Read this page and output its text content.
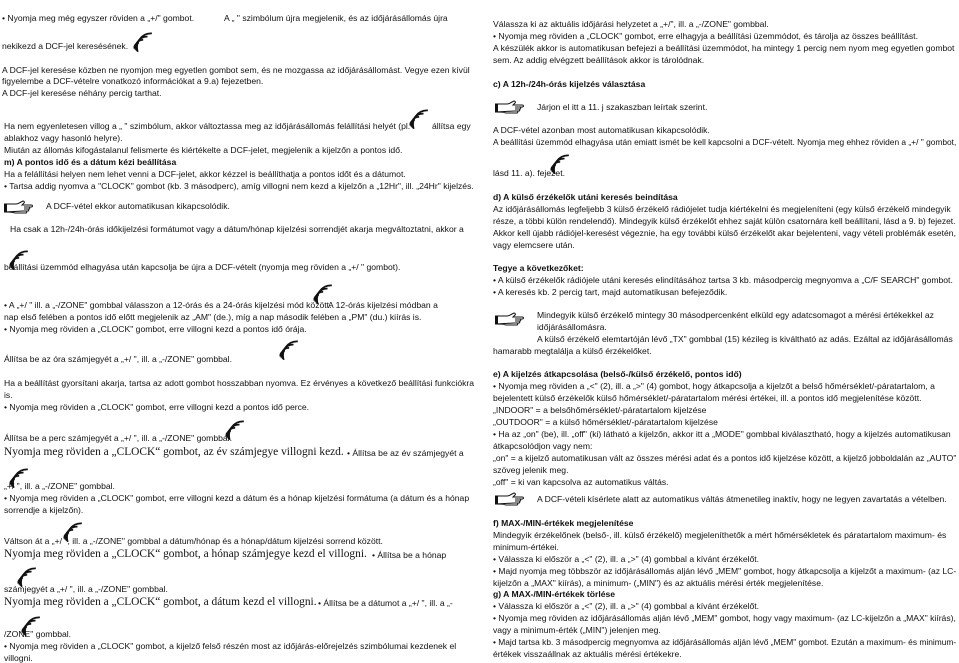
• Nyomja meg még egyszer röviden a „+/" gombot.	A „ " szimbólum újra megjelenik, és az időjárásállomás újra
nekikezd a DCF-jel keresésének.
A DCF-jel keresése közben ne nyomjon meg egyetlen gombot sem, és ne mozgassa az időjárásállomást. Vegye ezen kívül
figyelembe a DCF-vételre vonatkozó információkat a 9.a) fejezetben.
A DCF-jel keresése néhány percig tarthat.
Ha nem egyenletesen villog a „ " szimbólum, akkor változtassa meg az időjárásállomás felállítási helyét (pl.	állítsa egy
ablakhoz vagy hasonló helyre).
Miután az állomás kifogástalanul felismerte és kiértékelte a DCF-jelet, megjelenik a kijelzőn a pontos idő.
m) A pontos idő és a dátum kézi beállítása
Ha a felállítási helyen nem lehet venni a DCF-jelet, akkor kézzel is beállíthatja a pontos időt és a dátumot.
• Tartsa addig nyomva a "CLOCK" gombot (kb. 3 másodperc), amíg villogni nem kezd a kijelzőn a „12Hr", ill. „24Hr" kijelzés.
A DCF-vétel ekkor automatikusan kikapcsolódik.
Ha csak a 12h-/24h-órás időkijelzési formátumot vagy a dátum/hónap kijelzési sorrendjét akarja megváltoztatni, akkor a
beállítási üzemmód elhagyása után kapcsolja be újra a DCF-vételt (nyomja meg röviden a „+/ " gombot).
• A „+/ " ill. a „-/ZONE" gombbal válasszon a 12-órás és a 24-órás kijelzési mód között.
A 12-órás kijelzési módban a
nap első felében a pontos idő előtt megjelenik az „AM" (de.), míg a nap második felében a „PM" (du.) kiírás is.
• Nyomja meg röviden a „CLOCK" gombot, erre villogni kezd a pontos idő órája.
Állítsa be az óra számjegyét a „+/ ", ill. a „-/ZONE" gombbal.
Ha a beállítást gyorsítani akarja, tartsa az adott gombot hosszabban nyomva. Ez érvényes a következő beállítási funkciókra
is.
• Nyomja meg röviden a „CLOCK" gombot, erre villogni kezd a pontos idő perce.
Állítsa be a perc számjegyét a „+/ ", ill. a „-/ZONE" gombbal.
Nyomja meg röviden a „CLOCK“ gombot, az év számjegye villogni kezd. • Állítsa be az év számjegyét a
„+/ ", ill. a „-/ZONE" gombbal.
• Nyomja meg röviden a „CLOCK" gombot, erre villogni kezd a dátum és a hónap kijelzési formátuma (a dátum és a hónap
sorrendje a kijelzőn).
Váltson át a „+/ ", ill. a „-/ZONE" gombbal a dátum/hónap és a hónap/dátum kijelzési sorrend között.
Nyomja meg röviden a „CLOCK“ gombot, a hónap számjegye kezd el villogni. • Állítsa be a hónap
számjegyét a „+/ ", ill. a „-/ZONE" gombbal.
Nyomja meg röviden a „CLOCK“ gombot, a dátum kezd el villogni. • Állítsa be a dátumot a „+/ ", ill. a „-
/ZONE" gombbal.
• Nyomja meg röviden a „CLOCK" gombot, a kijelző felső részén most az időjárás-előrejelzés szimbólumai kezdenek el
villogni.
Válassza ki az aktuális időjárási helyzetet a „+/", ill. a „-/ZONE" gombbal.
• Nyomja meg röviden a „CLOCK" gombot, erre elhagyja a beállítási üzemmódot, és tárolja az összes beállítást.
A készülék akkor is automatikusan befejezi a beállítási üzemmódot, ha mintegy 1 percig nem nyom meg egyetlen gombot
sem. Az addig elvégzett beállítások akkor is tárolódnak.
c) A 12h-/24h-órás kijelzés választása
Járjon el itt a 11. j szakaszban leírtak szerint.
A DCF-vétel azonban most automatikusan kikapcsolódik.
A beállítási üzemmód elhagyása után emiatt ismét be kell kapcsolni a DCF-vételt. Nyomja meg ehhez röviden a „+/ " gombot,
lásd 11. a). fejezet.
d) A külső érzékelők utáni keresés beindítása
Az időjárásállomás legfeljebb 3 külső érzékelő rádiójelet tudja kiértékelni és megjeleníteni (egy külső érzékelő mindegyik
része, a többi külön rendelendő). Mindegyik külső érzékelőt ehhez saját külön csatornára kell beállítani, lásd a 9. b) fejezet.
Akkor kell újabb rádiójel-keresést végeznie, ha egy további külső érzékelőt akar bejelenteni, vagy vételi problémák esetén,
vagy elemcsere után.
Tegye a következőket:
• A külső érzékelők rádiójele utáni keresés elindításához tartsa 3 kb. másodpercig megnyomva a „C/F SEARCH" gombot.
• A keresés kb. 2 percig tart, majd automatikusan befejeződik.
Mindegyik külső érzékelő mintegy 30 másodpercenként elküld egy adatcsomagot a mérési értékekkel az
időjárásállomásra.
A külső érzékelő elemtartóján lévő „TX" gombbal (15) kézileg is kiváltható az adás. Ezáltal az időjárásállomás
hamarabb megtalálja a külső érzékelőket.
e) A kijelzés átkapcsolása (belső-/külső érzékelő, pontos idő)
• Nyomja meg röviden a „<" (2), ill. a „>" (4) gombot, hogy átkapcsolja a kijelzőt a belső hőmérséklet/-páratartalom, a
bejelentett külső érzékelők külső hőmérséklet/-páratartalom mérési értékei, ill. a pontos idő megjelenítése között.
„INDOOR" = a belsőhőmérséklet/-páratartalom kijelzése
„OUTDOOR" = a külső hőmérséklet/-páratartalom kijelzése
• Ha az „on" (be), ill. „off" (ki) látható a kijelzőn, akkor itt a „MODE" gombbal kiválasztható, hogy a kijelzés automatikusan
átkapcsolódjon vagy nem:
„on" = a kijelző automatikusan vált az összes mérési adat és a pontos idő kijelzése között, a kijelző jobboldalán az „AUTO"
szöveg jelenik meg.
„off" = ki van kapcsolva az automatikus váltás.
A DCF-vételi kísérlete alatt az automatikus váltás átmenetileg inaktív, hogy ne legyen zavartatás a vételben.
f) MAX-/MIN-értékek megjelenítése
Mindegyik érzékelőnek (belső-, ill. külső érzékelő) megjeleníthetők a mért hőmérsékletek és páratartalom maximum- és
minimum-értékei.
• Válassza ki először a „<" (2), ill. a „>" (4) gombbal a kívánt érzékelőt.
• Majd nyomja meg többször az időjárásállomás alján lévő „MEM" gombot, hogy átkapcsolja a kijelzőt a maximum- (az LC-
kijelzőn a „MAX" kiírás), a minimum- („MIN") és az aktuális mérési érték megjelenítése.
g) A MAX-/MIN-értékek törlése
• Válassza ki először a „<" (2), ill. a „>" (4) gombbal a kívánt érzékelőt.
• Nyomja meg röviden az időjárásállomás alján lévő „MEM" gombot, hogy vagy maximum- (az LC-kijelzőn a „MAX" kiírás),
vagy a minimum-érték („MIN") jelenjen meg.
• Majd tartsa kb. 3 másodpercig megnyomva az időjárásállomás alján lévő „MEM" gombot. Ezután a maximum- és minimum-
értékek visszaállnak az aktuális mérési értékekre.
